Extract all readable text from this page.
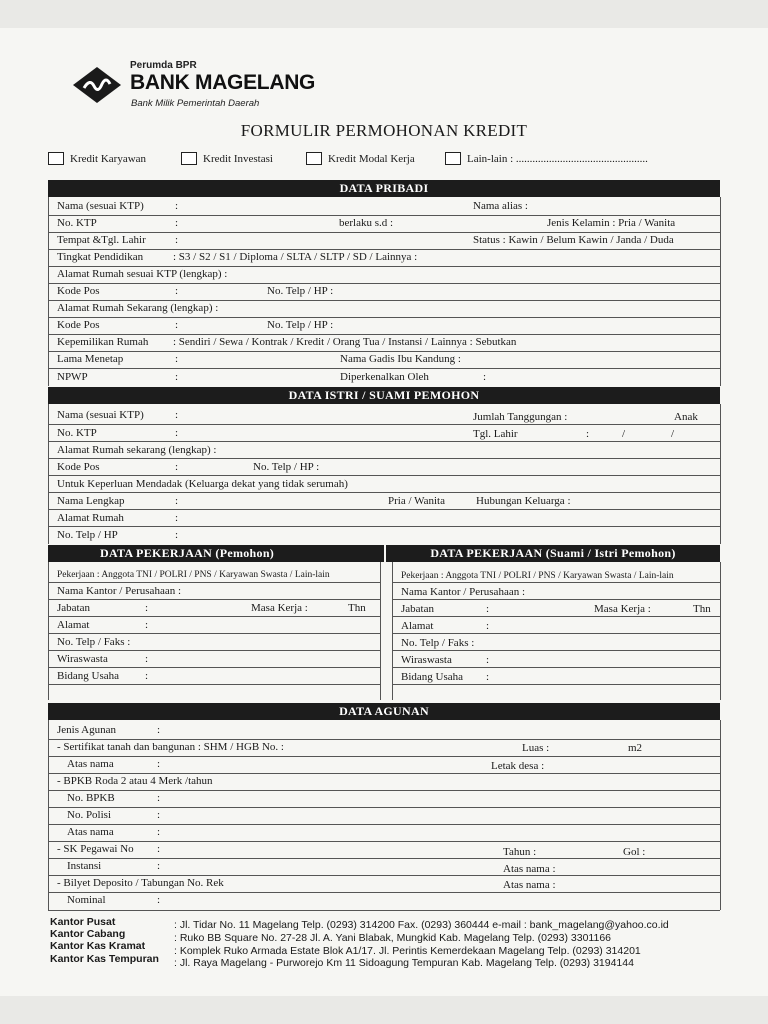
Perumda BPR
BANK MAGELANG
Bank Milik Pemerintah Daerah
FORMULIR PERMOHONAN KREDIT
Kredit Karyawan	Kredit Investasi	Kredit Modal Kerja	Lain-lain : ................................................
DATA PRIBADI
Nama (sesuai KTP)	:	Nama alias :
No. KTP	:	berlaku s.d :	Jenis Kelamin : Pria / Wanita
Tempat &Tgl. Lahir	:	Status : Kawin / Belum Kawin / Janda / Duda
Tingkat Pendidikan	: S3 / S2 / S1 / Diploma / SLTA / SLTP / SD / Lainnya :
Alamat Rumah sesuai KTP (lengkap) :
Kode Pos	:	No. Telp / HP :
Alamat Rumah Sekarang (lengkap) :
Kode Pos	:	No. Telp / HP :
Kepemilikan Rumah : Sendiri / Sewa / Kontrak / Kredit / Orang Tua / Instansi / Lainnya : Sebutkan
Lama Menetap	:	Nama Gadis Ibu Kandung :
NPWP	:	Diperkenalkan Oleh	:
DATA ISTRI / SUAMI PEMOHON
Nama (sesuai KTP)	:	Jumlah Tanggungan :	Anak
No. KTP	:	Tgl. Lahir	:	/	/
Alamat Rumah sekarang (lengkap) :
Kode Pos	:	No. Telp / HP :
Untuk Keperluan Mendadak (Keluarga dekat yang tidak serumah)
Nama Lengkap	:	Pria / Wanita	Hubungan Keluarga :
Alamat Rumah	:
No. Telp / HP	:
DATA PEKERJAAN (Pemohon)	DATA PEKERJAAN (Suami / Istri Pemohon)
Pekerjaan : Anggota TNI / POLRI / PNS / Karyawan Swasta / Lain-lain
Nama Kantor / Perusahaan :
Jabatan	:	Masa Kerja :	Thn
Alamat	:
No. Telp / Faks :
Wiraswasta	:
Bidang Usaha :
Pekerjaan : Anggota TNI / POLRI / PNS / Karyawan Swasta / Lain-lain
Nama Kantor / Perusahaan :
Jabatan	:	Masa Kerja :	Thn
Alamat	:
No. Telp / Faks :
Wiraswasta	:
Bidang Usaha :
DATA AGUNAN
Jenis Agunan	:
- Sertifikat tanah dan bangunan : SHM / HGB No. :	Luas :	m2
Atas nama	:	Letak desa :
- BPKB Roda 2 atau 4 Merk /tahun
No. BPKB	:
No. Polisi	:
Atas nama	:
- SK Pegawai No :	Tahun :	Gol :
Instansi	:	Atas nama :
- Bilyet Deposito / Tabungan No. Rek	Atas nama :
Nominal	:
Kantor Pusat	: Jl. Tidar No. 11 Magelang Telp. (0293) 314200 Fax. (0293) 360444 e-mail : bank_magelang@yahoo.co.id
Kantor Cabang	: Ruko BB Square No. 27-28 Jl. A. Yani Blabak, Mungkid Kab. Magelang Telp. (0293) 3301166
Kantor Kas Kramat	: Komplek Ruko Armada Estate Blok A1/17. Jl. Perintis Kemerdekaan Magelang Telp. (0293) 314201
Kantor Kas Tempuran : Jl. Raya Magelang - Purworejo Km 11 Sidoagung Tempuran Kab. Magelang Telp. (0293) 3194144
